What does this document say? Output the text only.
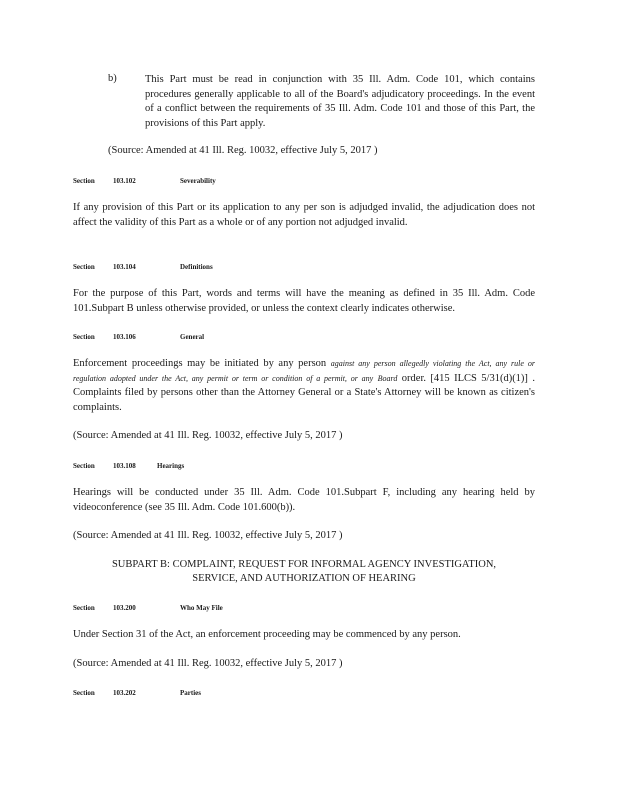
b)	This Part must be read in conjunction with 35 Ill. Adm. Code 101, which contains procedures generally applicable to all of the Board's adjudicatory proceedings. In the event of a conflict between the requirements of 35 Ill. Adm. Code 101 and those of this Part, the provisions of this Part apply.
(Source: Amended at 41 Ill. Reg. 10032, effective July 5, 2017 )
Section	103.102	Severability
If any provision of this Part or its application to any per son is adjudged invalid, the adjudication does not affect the validity of this Part as a whole or of any portion not adjudged invalid.
Section	103.104	Definitions
For the purpose of this Part, words and terms will have the meaning as defined in 35 Ill. Adm. Code 101.Subpart B unless otherwise provided, or unless the context clearly indicates otherwise.
Section	103.106	General
Enforcement proceedings may be initiated by any person against any person allegedly violating the Act, any rule or regulation adopted under the Act, any permit or term or condition of a permit, or any Board order. [415 ILCS 5/31(d)(1)] . Complaints filed by persons other than the Attorney General or a State's Attorney will be known as citizen's complaints.
(Source: Amended at 41 Ill. Reg. 10032, effective July 5, 2017 )
Section	103.108	Hearings
Hearings will be conducted under 35 Ill. Adm. Code 101.Subpart F, including any hearing held by videoconference (see 35 Ill. Adm. Code 101.600(b)).
(Source: Amended at 41 Ill. Reg. 10032, effective July 5, 2017 )
SUBPART B: COMPLAINT, REQUEST FOR INFORMAL AGENCY INVESTIGATION,
SERVICE, AND AUTHORIZATION OF HEARING
Section	103.200	Who May File
Under Section 31 of the Act, an enforcement proceeding may be commenced by any person.
(Source: Amended at 41 Ill. Reg. 10032, effective July 5, 2017 )
Section	103.202	Parties
